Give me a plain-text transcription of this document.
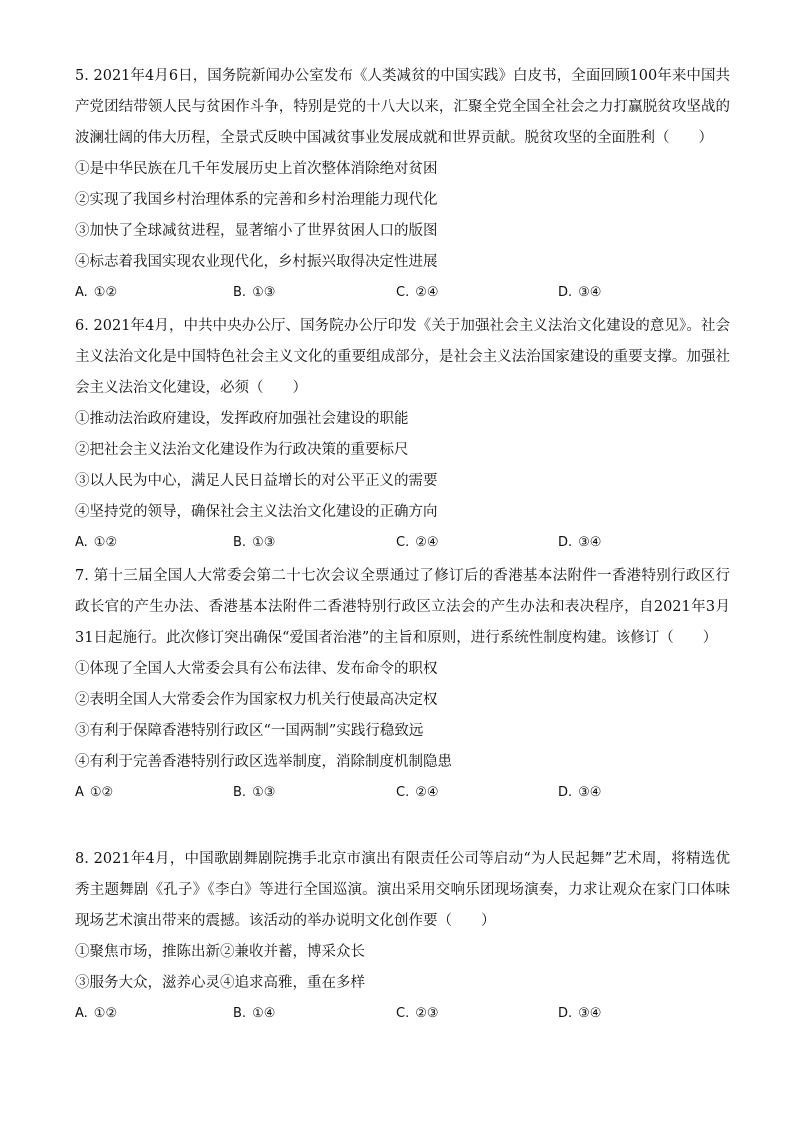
5. 2021年4月6日，国务院新闻办公室发布《人类减贫的中国实践》白皮书，全面回顾100年来中国共产党团结带领人民与贫困作斗争，特别是党的十八大以来，汇聚全党全国全社会之力打赢脱贫攻坚战的波澜壮阔的伟大历程，全景式反映中国减贫事业发展成就和世界贡献。脱贫攻坚的全面胜利（　　）

①是中华民族在几千年发展历史上首次整体消除绝对贫困
②实现了我国乡村治理体系的完善和乡村治理能力现代化
③加快了全球减贫进程，显著缩小了世界贫困人口的版图
④标志着我国实现农业现代化，乡村振兴取得决定性进展
A. ①②	B. ①③	C. ②④	D. ③④

6. 2021年4月，中共中央办公厅、国务院办公厅印发《关于加强社会主义法治文化建设的意见》。社会主义法治文化是中国特色社会主义文化的重要组成部分，是社会主义法治国家建设的重要支撑。加强社会主义法治文化建设，必须（　　）

①推动法治政府建设，发挥政府加强社会建设的职能
②把社会主义法治文化建设作为行政决策的重要标尺
③以人民为中心，满足人民日益增长的对公平正义的需要
④坚持党的领导，确保社会主义法治文化建设的正确方向
A. ①②	B. ①③	C. ②④	D. ③④

7. 第十三届全国人大常委会第二十七次会议全票通过了修订后的香港基本法附件一香港特别行政区行政长官的产生办法、香港基本法附件二香港特别行政区立法会的产生办法和表决程序，自2021年3月31日起施行。此次修订突出确保“爱国者治港”的主旨和原则，进行系统性制度构建。该修订（　　）

①体现了全国人大常委会具有公布法律、发布命令的职权
②表明全国人大常委会作为国家权力机关行使最高决定权
③有利于保障香港特别行政区“一国两制”实践行稳致远
④有利于完善香港特别行政区选举制度，消除制度机制隐患
A ①②	B. ①③	C. ②④	D. ③④

8. 2021年4月，中国歌剧舞剧院携手北京市演出有限责任公司等启动“为人民起舞”艺术周，将精选优秀主题舞剧《孔子》《李白》等进行全国巡演。演出采用交响乐团现场演奏，力求让观众在家门口体味现场艺术演出带来的震撼。该活动的举办说明文化创作要（　　）

①聚焦市场，推陈出新②兼收并蓄，博采众长
③服务大众，滋养心灵④追求高雅，重在多样
A. ①②	B. ①④	C. ②③	D. ③④
